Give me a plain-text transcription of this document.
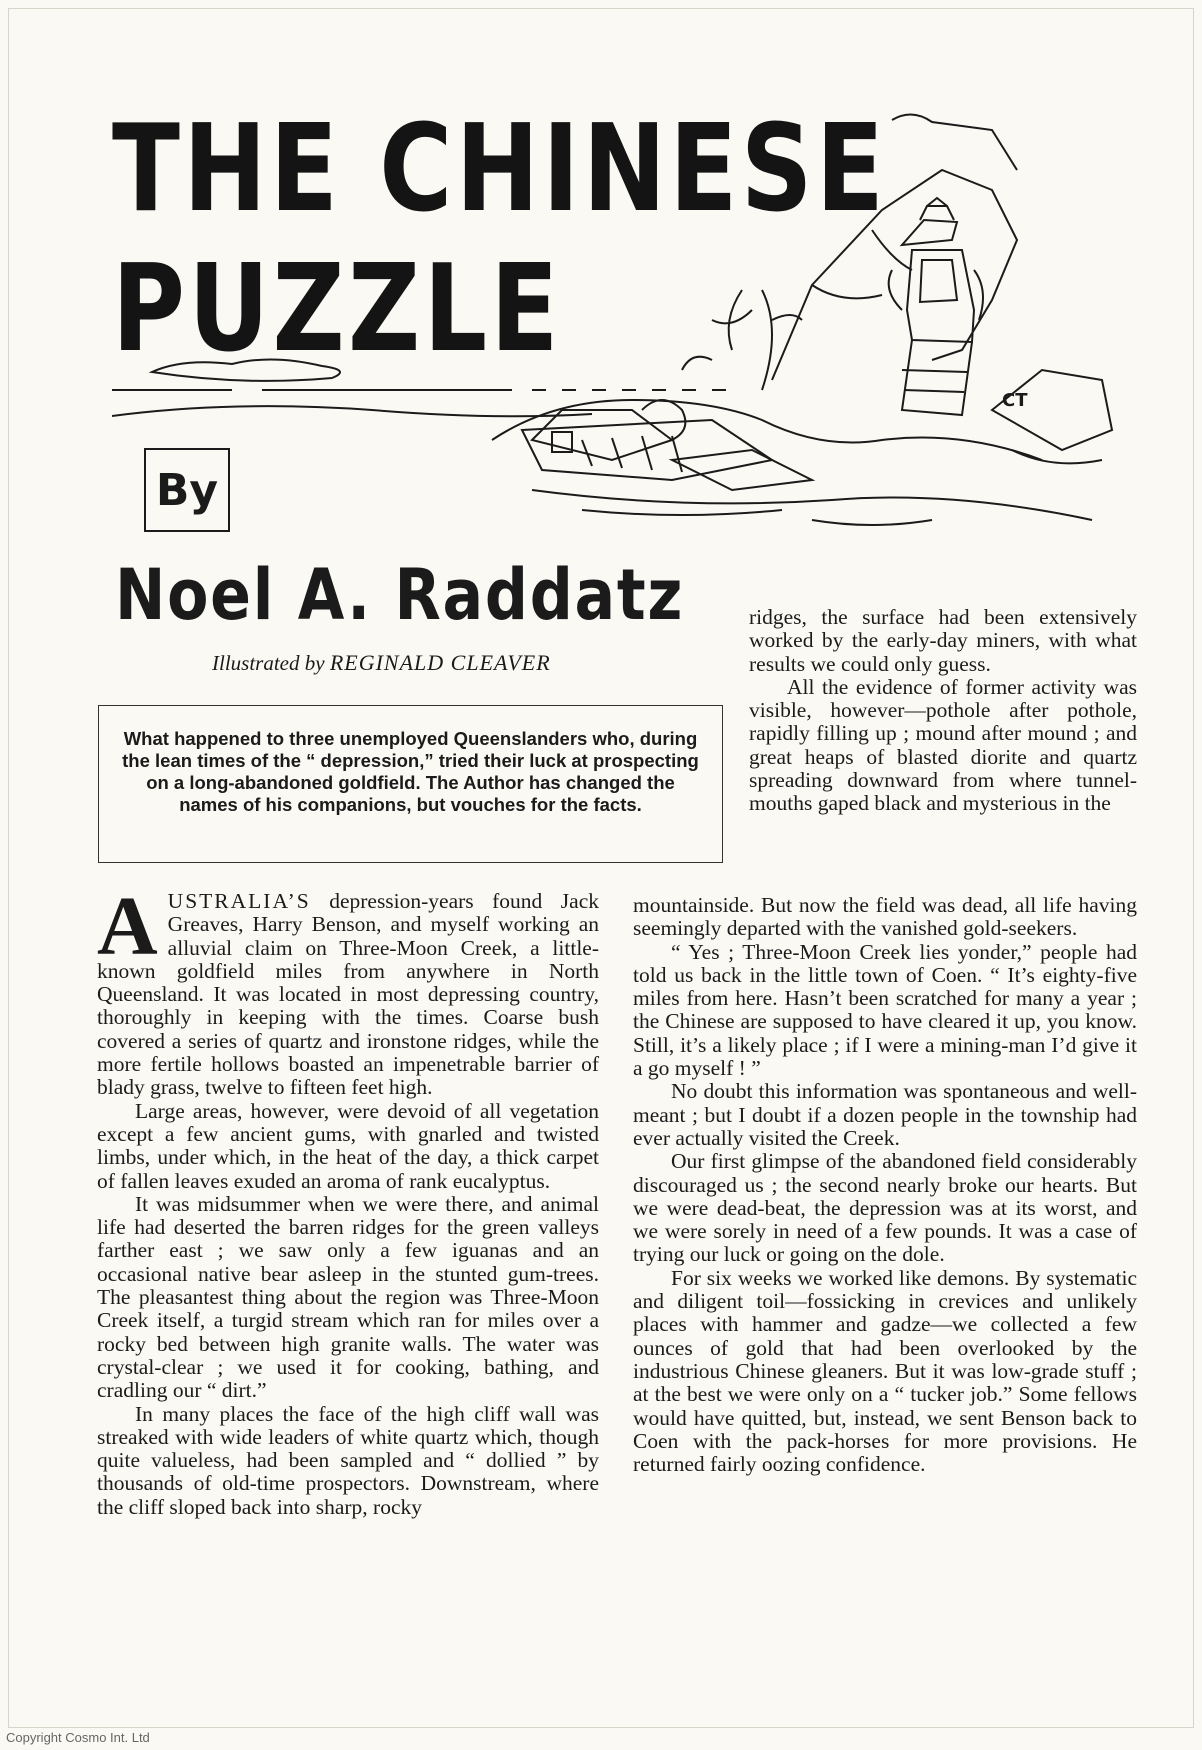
CT
THE CHINESE
PUZZLE
By
Noel A. Raddatz

Illustrated by REGINALD CLEAVER

What happened to three unemployed Queenslanders who, during the lean times of the “ depression,” tried their luck at prospecting on a long-abandoned goldfield. The Author has changed the names of his companions, but vouches for the facts.

AUSTRALIA’S depression-years found Jack Greaves, Harry Benson, and myself working an alluvial claim on Three-Moon Creek, a little-known goldfield miles from anywhere in North Queensland. It was located in most depressing country, thoroughly in keeping with the times. Coarse bush covered a series of quartz and ironstone ridges, while the more fertile hollows boasted an impenetrable barrier of blady grass, twelve to fifteen feet high.

Large areas, however, were devoid of all vegetation except a few ancient gums, with gnarled and twisted limbs, under which, in the heat of the day, a thick carpet of fallen leaves exuded an aroma of rank eucalyptus.

It was midsummer when we were there, and animal life had deserted the barren ridges for the green valleys farther east ; we saw only a few iguanas and an occasional native bear asleep in the stunted gum-trees. The pleasantest thing about the region was Three-Moon Creek itself, a turgid stream which ran for miles over a rocky bed between high granite walls. The water was crystal-clear ; we used it for cooking, bathing, and cradling our “ dirt.”

In many places the face of the high cliff wall was streaked with wide leaders of white quartz which, though quite valueless, had been sampled and “ dollied ” by thousands of old-time prospectors. Downstream, where the cliff sloped back into sharp, rocky

ridges, the surface had been extensively worked by the early-day miners, with what results we could only guess.

All the evidence of former activity was visible, however—pothole after pothole, rapidly filling up ; mound after mound ; and great heaps of blasted diorite and quartz spreading downward from where tunnel-mouths gaped black and mysterious in the

mountainside. But now the field was dead, all life having seemingly departed with the vanished gold-seekers.

“ Yes ; Three-Moon Creek lies yonder,” people had told us back in the little town of Coen. “ It’s eighty-five miles from here. Hasn’t been scratched for many a year ; the Chinese are supposed to have cleared it up, you know. Still, it’s a likely place ; if I were a mining-man I’d give it a go myself ! ”

No doubt this information was spontaneous and well-meant ; but I doubt if a dozen people in the township had ever actually visited the Creek.

Our first glimpse of the abandoned field considerably discouraged us ; the second nearly broke our hearts. But we were dead-beat, the depression was at its worst, and we were sorely in need of a few pounds. It was a case of trying our luck or going on the dole.

For six weeks we worked like demons. By systematic and diligent toil—fossicking in crevices and unlikely places with hammer and gadze—we collected a few ounces of gold that had been overlooked by the industrious Chinese gleaners. But it was low-grade stuff ; at the best we were only on a “ tucker job.” Some fellows would have quitted, but, instead, we sent Benson back to Coen with the pack-horses for more provisions. He returned fairly oozing confidence.

Copyright Cosmo Int. Ltd
